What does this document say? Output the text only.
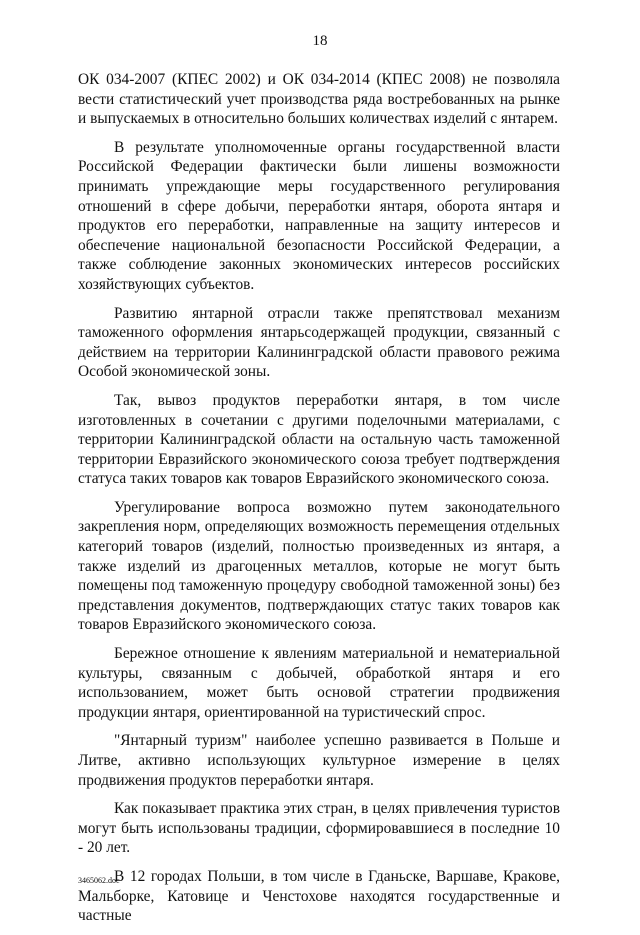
18

ОК 034-2007 (КПЕС 2002) и ОК 034-2014 (КПЕС 2008) не позволяла вести статистический учет производства ряда востребованных на рынке и выпускаемых в относительно больших количествах изделий с янтарем.

В результате уполномоченные органы государственной власти Российской Федерации фактически были лишены возможности принимать упреждающие меры государственного регулирования отношений в сфере добычи, переработки янтаря, оборота янтаря и продуктов его переработки, направленные на защиту интересов и обеспечение национальной безопасности Российской Федерации, а также соблюдение законных экономических интересов российских хозяйствующих субъектов.

Развитию янтарной отрасли также препятствовал механизм таможенного оформления янтарьсодержащей продукции, связанный с действием на территории Калининградской области правового режима Особой экономической зоны.

Так, вывоз продуктов переработки янтаря, в том числе изготовленных в сочетании с другими поделочными материалами, с территории Калининградской области на остальную часть таможенной территории Евразийского экономического союза требует подтверждения статуса таких товаров как товаров Евразийского экономического союза.

Урегулирование вопроса возможно путем законодательного закрепления норм, определяющих возможность перемещения отдельных категорий товаров (изделий, полностью произведенных из янтаря, а также изделий из драгоценных металлов, которые не могут быть помещены под таможенную процедуру свободной таможенной зоны) без представления документов, подтверждающих статус таких товаров как товаров Евразийского экономического союза.

Бережное отношение к явлениям материальной и нематериальной культуры, связанным с добычей, обработкой янтаря и его использованием, может быть основой стратегии продвижения продукции янтаря, ориентированной на туристический спрос.

"Янтарный туризм" наиболее успешно развивается в Польше и Литве, активно использующих культурное измерение в целях продвижения продуктов переработки янтаря.

Как показывает практика этих стран, в целях привлечения туристов могут быть использованы традиции, сформировавшиеся в последние 10 - 20 лет.

В 12 городах Польши, в том числе в Гданьске, Варшаве, Кракове, Мальборке, Катовице и Ченстохове находятся государственные и частные

3465062.doc
